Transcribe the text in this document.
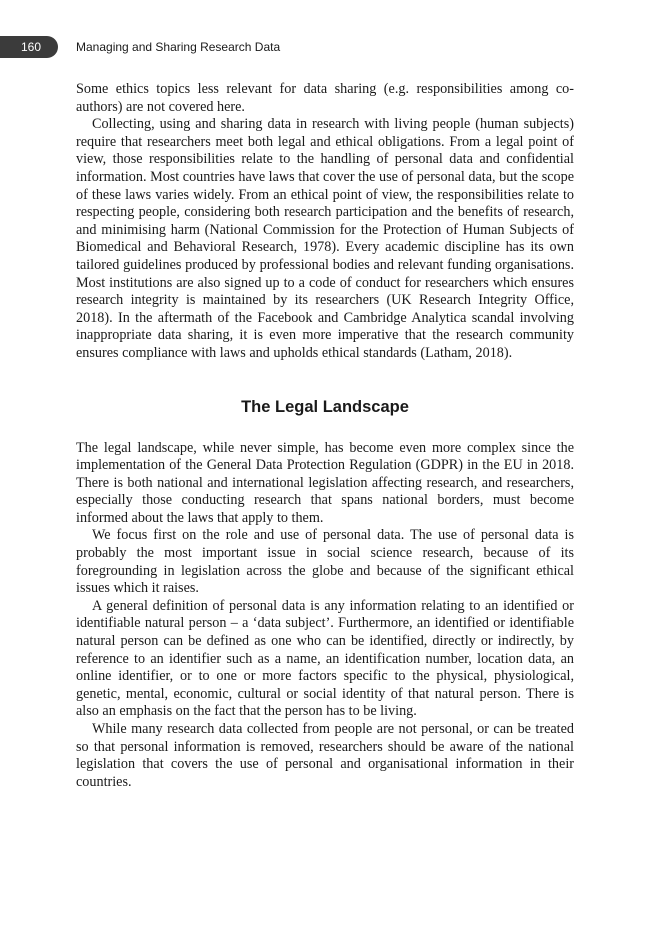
160	Managing and Sharing Research Data

Some ethics topics less relevant for data sharing (e.g. responsibilities among co-authors) are not covered here.

Collecting, using and sharing data in research with living people (human subjects) require that researchers meet both legal and ethical obligations. From a legal point of view, those responsibilities relate to the handling of personal data and confidential information. Most countries have laws that cover the use of personal data, but the scope of these laws varies widely. From an ethical point of view, the responsibilities relate to respecting people, considering both research participation and the benefits of research, and minimising harm (National Commission for the Protection of Human Subjects of Biomedical and Behavioral Research, 1978). Every academic discipline has its own tailored guidelines produced by professional bodies and relevant funding organisations. Most institutions are also signed up to a code of conduct for researchers which ensures research integrity is maintained by its researchers (UK Research Integrity Office, 2018). In the aftermath of the Facebook and Cambridge Analytica scandal involving inappropriate data sharing, it is even more imperative that the research community ensures compliance with laws and upholds ethical standards (Latham, 2018).

The Legal Landscape

The legal landscape, while never simple, has become even more complex since the implementation of the General Data Protection Regulation (GDPR) in the EU in 2018. There is both national and international legislation affecting research, and researchers, especially those conducting research that spans national borders, must become informed about the laws that apply to them.

We focus first on the role and use of personal data. The use of personal data is probably the most important issue in social science research, because of its foregrounding in legislation across the globe and because of the significant ethical issues which it raises.

A general definition of personal data is any information relating to an identified or identifiable natural person – a ‘data subject’. Furthermore, an identified or identifiable natural person can be defined as one who can be identified, directly or indirectly, by reference to an identifier such as a name, an identification number, location data, an online identifier, or to one or more factors specific to the physical, physiological, genetic, mental, economic, cultural or social identity of that natural person. There is also an emphasis on the fact that the person has to be living.

While many research data collected from people are not personal, or can be treated so that personal information is removed, researchers should be aware of the national legislation that covers the use of personal and organisational information in their countries.
